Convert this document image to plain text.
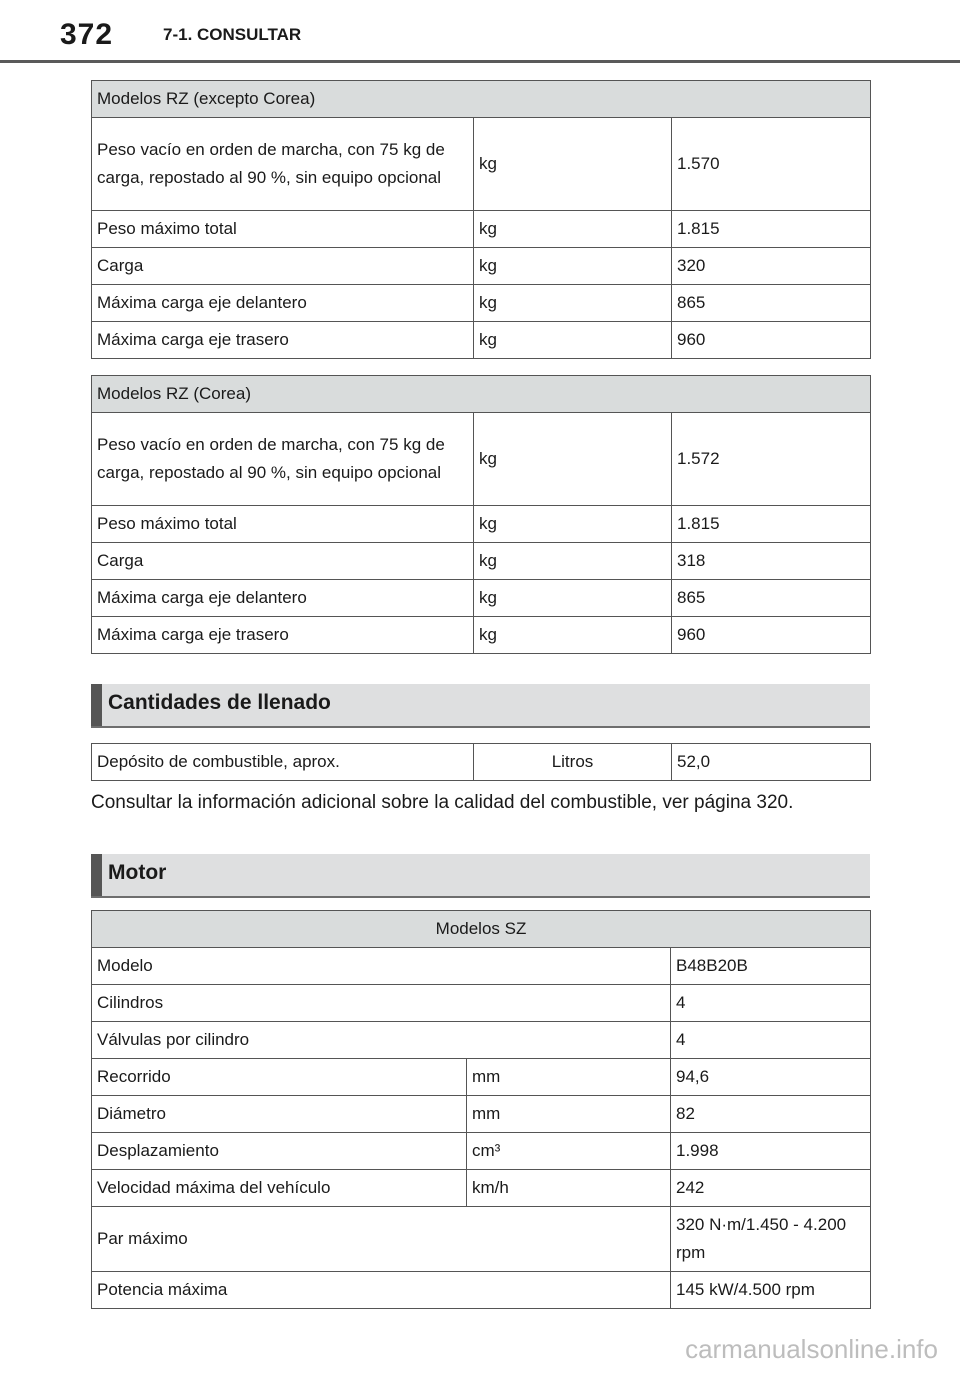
372	7-1. CONSULTAR
Modelos RZ (excepto Corea)		
Peso vacío en orden de marcha, con 75 kg de carga, repostado al 90 %, sin equipo opcional	kg	1.570
Peso máximo total	kg	1.815
Carga	kg	320
Máxima carga eje delantero	kg	865
Máxima carga eje trasero	kg	960
Modelos RZ (Corea)		
Peso vacío en orden de marcha, con 75 kg de carga, repostado al 90 %, sin equipo opcional	kg	1.572
Peso máximo total	kg	1.815
Carga	kg	318
Máxima carga eje delantero	kg	865
Máxima carga eje trasero	kg	960
Cantidades de llenado
Depósito de combustible, aprox.	Litros	52,0
Consultar la información adicional sobre la calidad del combustible, ver página 320.
Motor
Modelos SZ		
Modelo		B48B20B
Cilindros		4
Válvulas por cilindro		4
Recorrido	mm	94,6
Diámetro	mm	82
Desplazamiento	cm³	1.998
Velocidad máxima del vehículo	km/h	242
Par máximo		320 N·m/1.450 - 4.200 rpm
Potencia máxima		145 kW/4.500 rpm
carmanualsonline.info
